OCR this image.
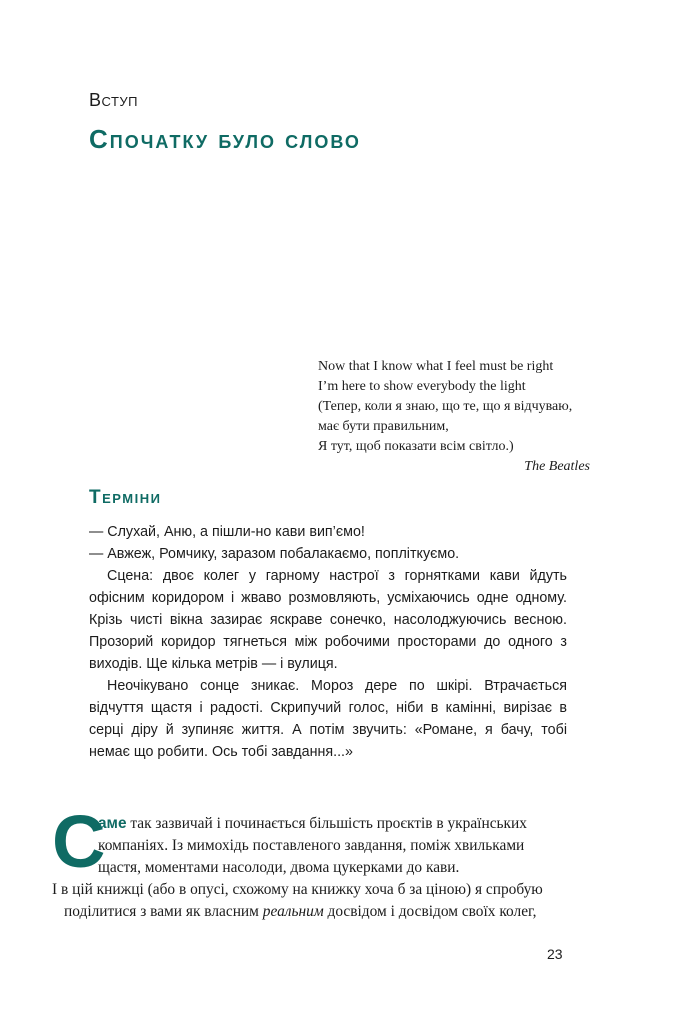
Вступ
Спочатку було слово
Now that I know what I feel must be right
I’m here to show everybody the light
(Тепер, коли я знаю, що те, що я відчуваю,
має бути правильним,
Я тут, щоб показати всім світло.)
The Beatles
Терміни

— Слухай, Аню, а пішли-но кави вип’ємо!

— Авжеж, Ромчику, заразом побалакаємо, попліткуємо.

Сцена: двоє колег у гарному настрої з горнятками кави йдуть офісним коридором і жваво розмовляють, усміхаючись одне одному. Крізь чисті вікна зазирає яскраве сонечко, насолоджуючись весною. Прозорий коридор тягнеться між робочими просторами до одного з виходів. Ще кілька метрів — і вулиця.

Неочікувано сонце зникає. Мороз дере по шкірі. Втрачається відчуття щастя і радості. Скрипучий голос, ніби в камінні, вирізає в серці діру й зупиняє життя. А потім звучить: «Романе, я бачу, тобі немає що робити. Ось тобі завдання...»

С
аме так зазвичай і починається більшість проєктів в українських
компаніях. Із мимохідь поставленого завдання, поміж хвильками
щастя, моментами насолоди, двома цукерками до кави.
І в цій книжці (або в опусі, схожому на книжку хоча б за ціною) я спробую
поділитися з вами як власним реальним досвідом і досвідом своїх колег,
23
